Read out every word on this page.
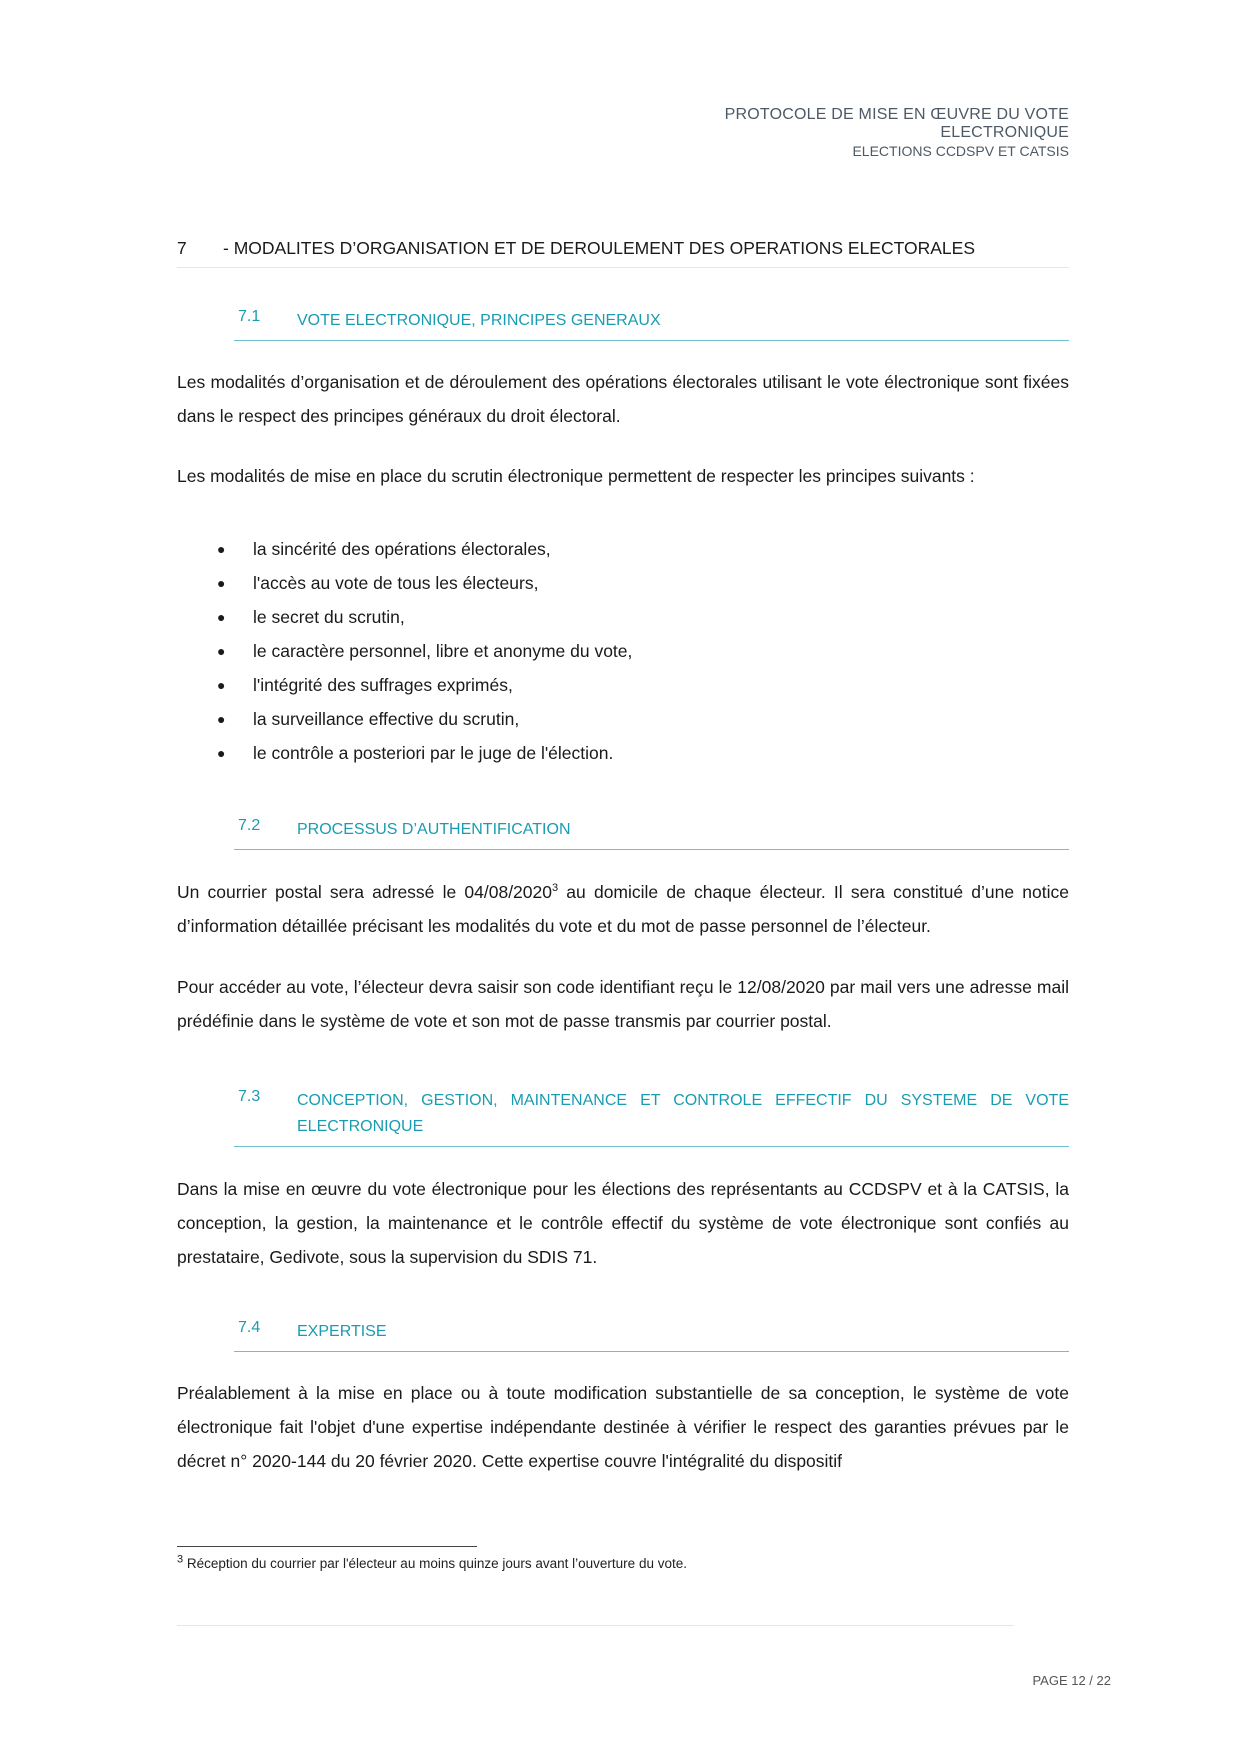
PROTOCOLE DE MISE EN ŒUVRE DU VOTE
ELECTRONIQUE
ELECTIONS CCDSPV ET CATSIS
7 - MODALITES D’ORGANISATION ET DE DEROULEMENT DES OPERATIONS ELECTORALES
7.1 VOTE ELECTRONIQUE, PRINCIPES GENERAUX
Les modalités d’organisation et de déroulement des opérations électorales utilisant le vote électronique sont fixées dans le respect des principes généraux du droit électoral.
Les modalités de mise en place du scrutin électronique permettent de respecter les principes suivants :
● la sincérité des opérations électorales,
● l'accès au vote de tous les électeurs,
● le secret du scrutin,
● le caractère personnel, libre et anonyme du vote,
● l'intégrité des suffrages exprimés,
● la surveillance effective du scrutin,
● le contrôle a posteriori par le juge de l'élection.
7.2 PROCESSUS D’AUTHENTIFICATION
Un courrier postal sera adressé le 04/08/2020$^3$ au domicile de chaque électeur. Il sera constitué d’une notice d’information détaillée précisant les modalités du vote et du mot de passe personnel de l’électeur.
Pour accéder au vote, l’électeur devra saisir son code identifiant reçu le 12/08/2020 par mail vers une adresse mail prédéfinie dans le système de vote et son mot de passe transmis par courrier postal.
7.3 CONCEPTION, GESTION, MAINTENANCE ET CONTROLE EFFECTIF DU SYSTEME DE VOTE
ELECTRONIQUE
Dans la mise en œuvre du vote électronique pour les élections des représentants au CCDSPV et à la CATSIS, la conception, la gestion, la maintenance et le contrôle effectif du système de vote électronique sont confiés au prestataire, Gedivote, sous la supervision du SDIS 71.
7.4 EXPERTISE
Préalablement à la mise en place ou à toute modification substantielle de sa conception, le système de vote électronique fait l'objet d'une expertise indépendante destinée à vérifier le respect des garanties prévues par le décret n° 2020-144 du 20 février 2020. Cette expertise couvre l'intégralité du dispositif
$^3$ Réception du courrier par l'électeur au moins quinze jours avant l’ouverture du vote.
PAGE 12 / 22
